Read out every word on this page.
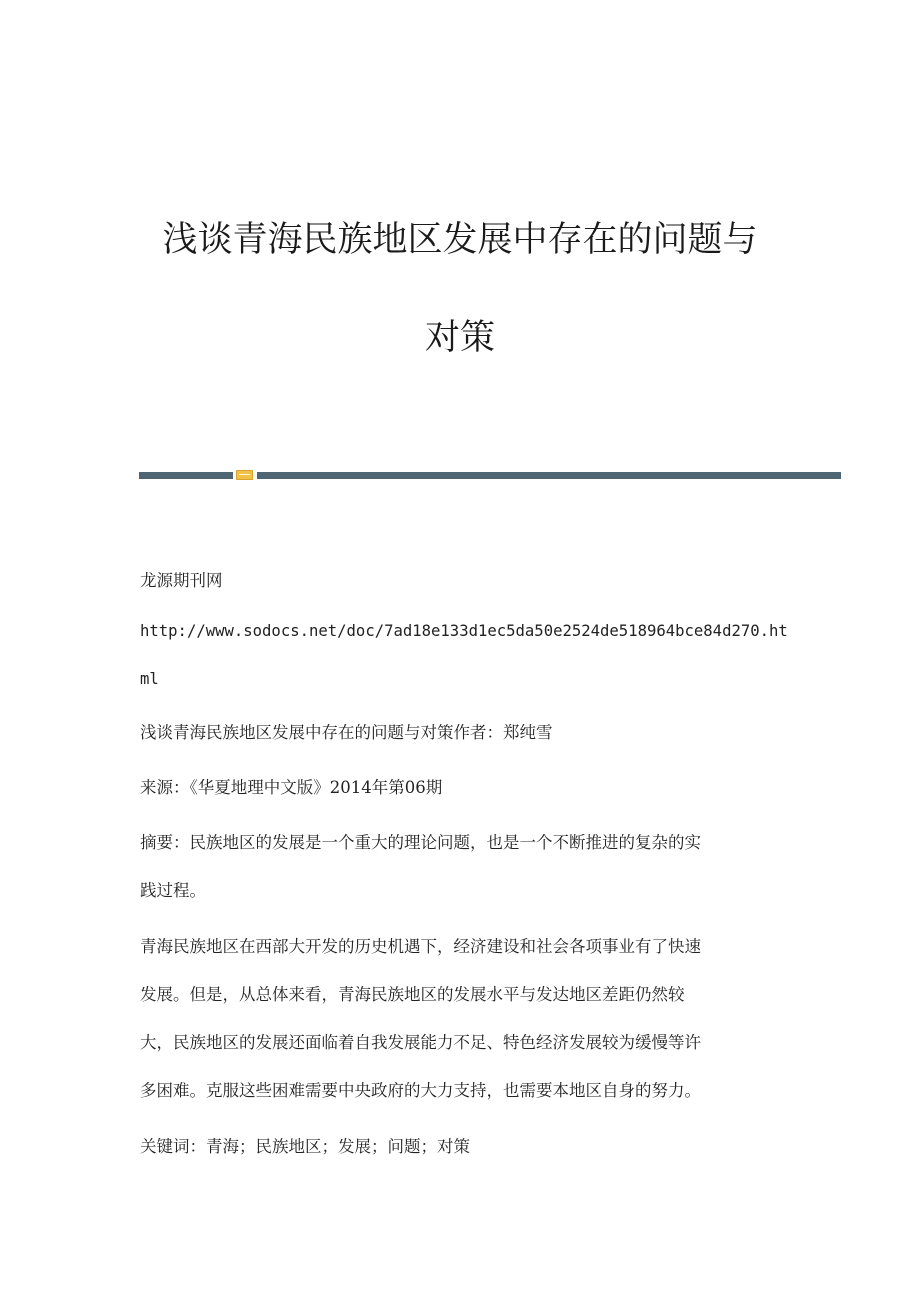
浅谈青海民族地区发展中存在的问题与
对策
龙源期刊网
http://www.sodocs.net/doc/7ad18e133d1ec5da50e2524de518964bce84d270.ht
ml
浅谈青海民族地区发展中存在的问题与对策作者：郑纯雪
来源：《华夏地理中文版》2014年第06期
摘要：民族地区的发展是一个重大的理论问题，也是一个不断推进的复杂的实
践过程。
青海民族地区在西部大开发的历史机遇下，经济建设和社会各项事业有了快速
发展。但是，从总体来看，青海民族地区的发展水平与发达地区差距仍然较
大，民族地区的发展还面临着自我发展能力不足、特色经济发展较为缓慢等许
多困难。克服这些困难需要中央政府的大力支持，也需要本地区自身的努力。
关键词：青海；民族地区；发展；问题；对策
